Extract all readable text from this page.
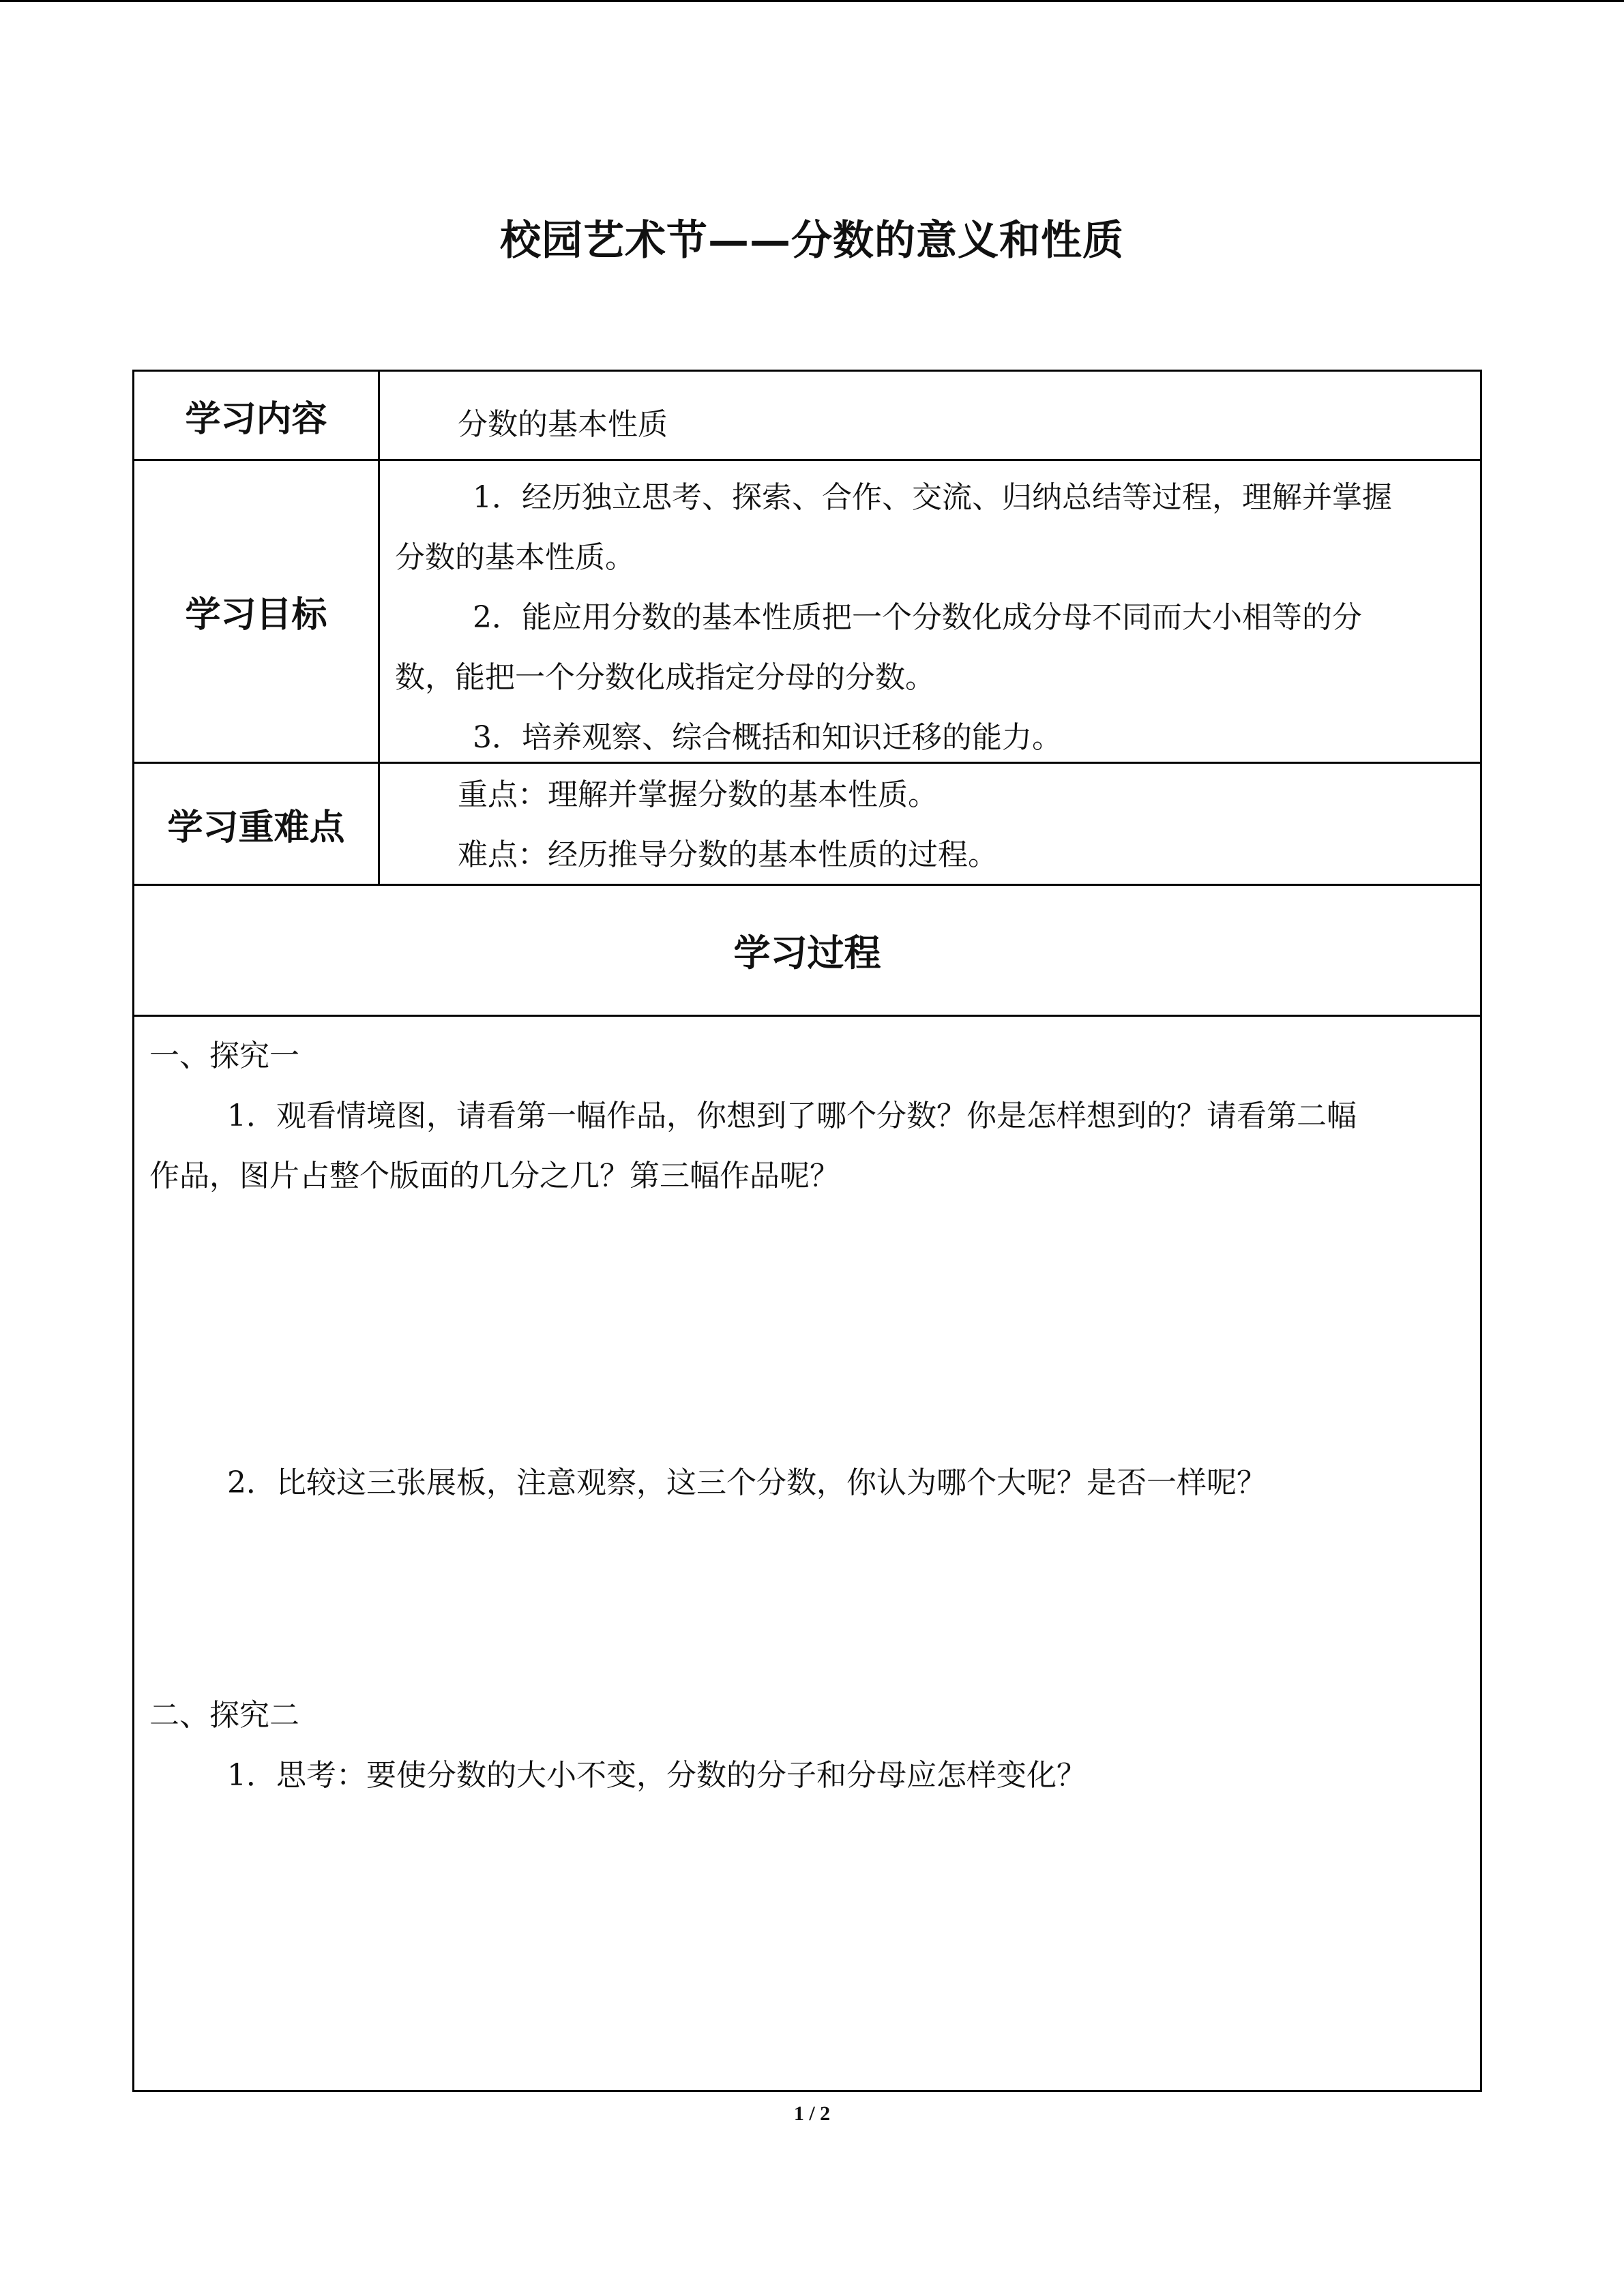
校园艺术节——分数的意义和性质
学习内容	分数的基本性质

学习目标

1．经历独立思考、探索、合作、交流、归纳总结等过程，理解并掌握

分数的基本性质。

2．能应用分数的基本性质把一个分数化成分母不同而大小相等的分

数，能把一个分数化成指定分母的分数。

3．培养观察、综合概括和知识迁移的能力。

学习重难点

重点：理解并掌握分数的基本性质。

难点：经历推导分数的基本性质的过程。

学习过程

一、探究一

1．观看情境图，请看第一幅作品，你想到了哪个分数？你是怎样想到的？请看第二幅

作品，图片占整个版面的几分之几？第三幅作品呢？

2．比较这三张展板，注意观察，这三个分数，你认为哪个大呢？是否一样呢？

二、探究二

1．思考：要使分数的大小不变，分数的分子和分母应怎样变化？

1 / 2
